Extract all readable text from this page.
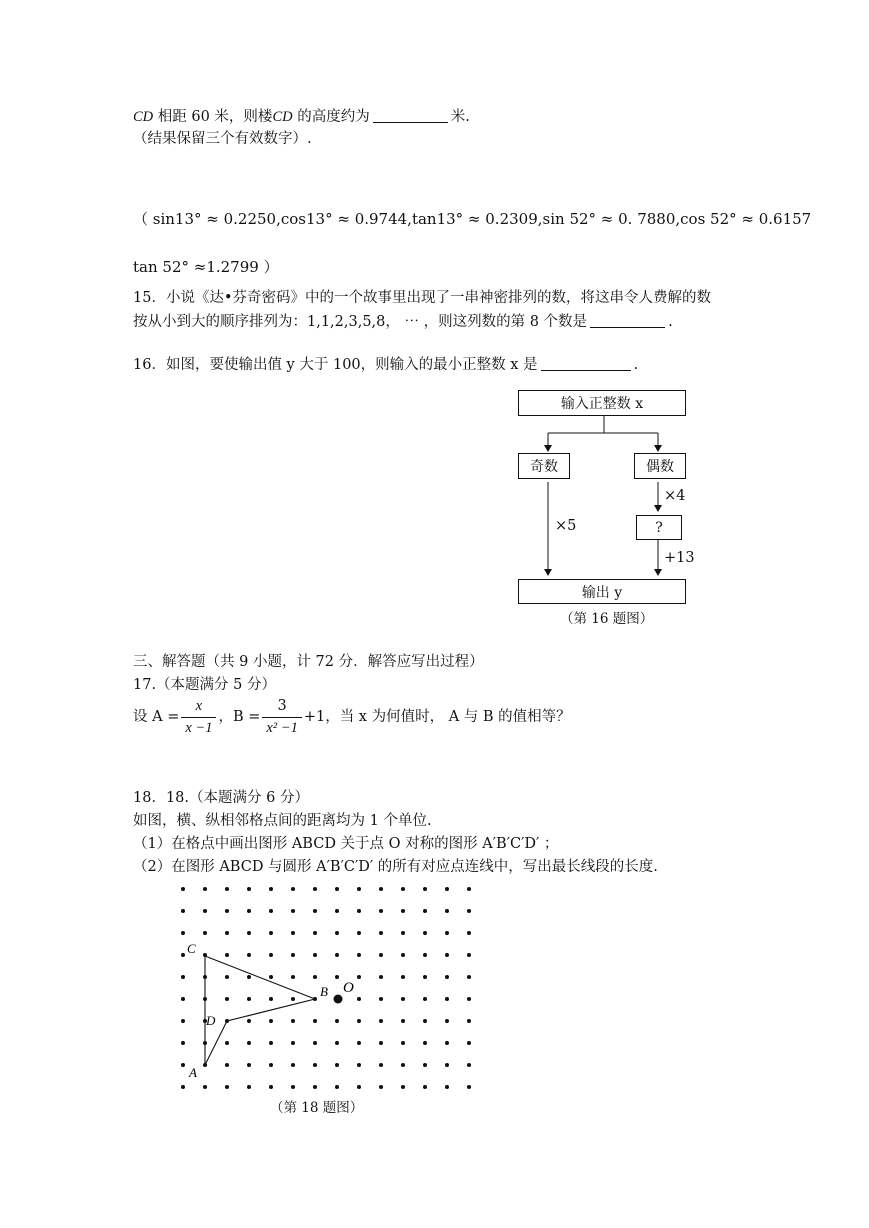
CD 相距 60 米，则楼CD 的高度约为	米.
（结果保留三个有效数字）.
（ sin13° ≈ 0.2250,cos13° ≈ 0.9744,tan13° ≈ 0.2309,sin 52° ≈ 0. 7880,cos 52° ≈ 0.6157
tan 52° ≈1.2799 ）
15．小说《达•芬奇密码》中的一个故事里出现了一串神密排列的数，将这串令人费解的数
按从小到大的顺序排列为：1,1,2,3,5,8， ⋯ ，则这列数的第 8 个数是	.
16．如图，要使输出值 y 大于 100，则输入的最小正整数 x 是	.
输入正整数 x
奇数	偶数
?
输出 y
×4
×5
+13
（第 16 题图）
三、解答题（共 9 小题，计 72 分．解答应写出过程）
17.（本题满分 5 分）
设 $A = \frac{x}{x -1}$ ，$B = \frac{3}{\text{x² −1}} +1$，当 x 为何值时， A 与 B 的值相等？
18．18.（本题满分 6 分）
如图，横、纵相邻格点间的距离均为 1 个单位.
（1）在格点中画出图形 ABCD 关于点 O 对称的图形 A′B′C′D′ ；
（2）在图形 ABCD 与圆形 A′B′C′D′ 的所有对应点连线中，写出最长线段的长度.
C
B
D
A
O
（第 18 题图）
